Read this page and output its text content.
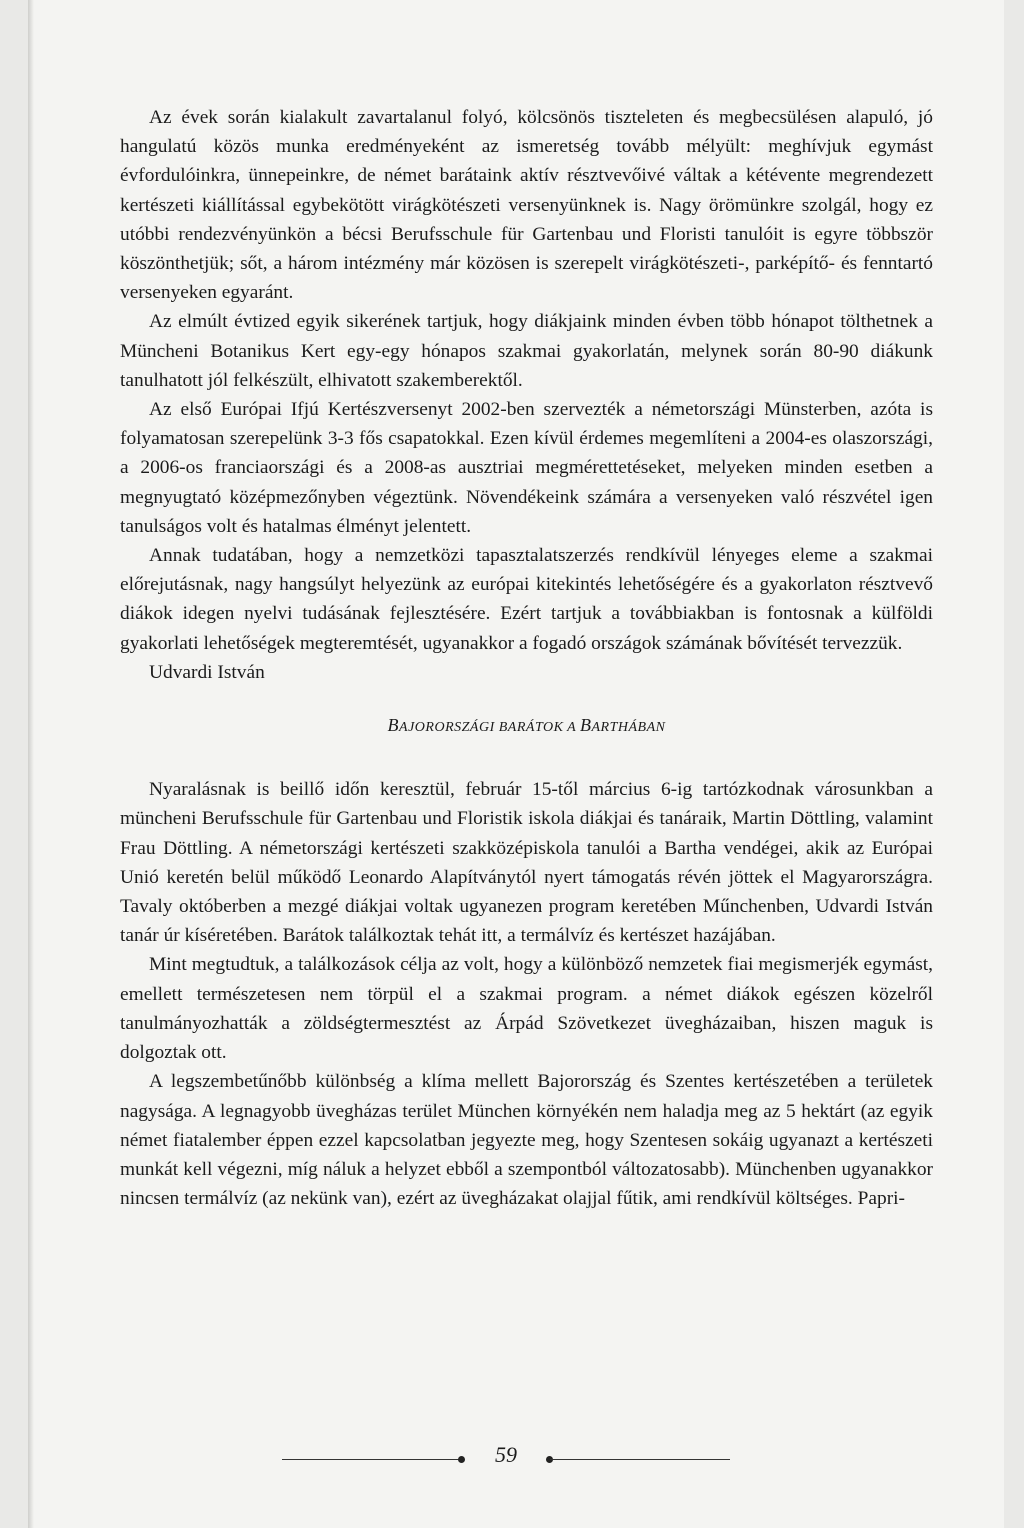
Az évek során kialakult zavartalanul folyó, kölcsönös tiszteleten és megbecsülésen alapuló, jó hangulatú közös munka eredményeként az ismeretség tovább mélyült: meghívjuk egymást évfordulóinkra, ünnepeinkre, de német barátaink aktív résztvevőivé váltak a kétévente megrendezett kertészeti kiállítással egybekötött virágkötészeti versenyünknek is. Nagy örömünkre szolgál, hogy ez utóbbi rendezvényünkön a bécsi Berufsschule für Gartenbau und Floristi tanulóit is egyre többször köszönthetjük; sőt, a három intézmény már közösen is szerepelt virágkötészeti-, parképítő- és fenntartó versenyeken egyaránt.

Az elmúlt évtized egyik sikerének tartjuk, hogy diákjaink minden évben több hónapot tölthetnek a Müncheni Botanikus Kert egy-egy hónapos szakmai gyakorlatán, melynek során 80-90 diákunk tanulhatott jól felkészült, elhivatott szakemberektől.

Az első Európai Ifjú Kertészversenyt 2002-ben szervezték a németországi Münsterben, azóta is folyamatosan szerepelünk 3-3 fős csapatokkal. Ezen kívül érdemes megemlíteni a 2004-es olaszországi, a 2006-os franciaországi és a 2008-as ausztriai megmérettetéseket, melyeken minden esetben a megnyugtató középmezőnyben végeztünk. Növendékeink számára a versenyeken való részvétel igen tanulságos volt és hatalmas élményt jelentett.

Annak tudatában, hogy a nemzetközi tapasztalatszerzés rendkívül lényeges eleme a szakmai előrejutásnak, nagy hangsúlyt helyezünk az európai kitekintés lehetőségére és a gyakorlaton résztvevő diákok idegen nyelvi tudásának fejlesztésére. Ezért tartjuk a továbbiakban is fontosnak a külföldi gyakorlati lehetőségek megteremtését, ugyanakkor a fogadó országok számának bővítését tervezzük.

Udvardi István

BAJORORSZÁGI BARÁTOK A BARTHÁBAN

Nyaralásnak is beillő időn keresztül, február 15-től március 6-ig tartózkodnak városunkban a müncheni Berufsschule für Gartenbau und Floristik iskola diákjai és tanáraik, Martin Döttling, valamint Frau Döttling. A németországi kertészeti szakközépiskola tanulói a Bartha vendégei, akik az Európai Unió keretén belül működő Leonardo Alapítványtól nyert támogatás révén jöttek el Magyarországra. Tavaly októberben a mezgé diákjai voltak ugyanezen program keretében Műnchenben, Udvardi István tanár úr kíséretében. Barátok találkoztak tehát itt, a termálvíz és kertészet hazájában.

Mint megtudtuk, a találkozások célja az volt, hogy a különböző nemzetek fiai megismerjék egymást, emellett természetesen nem törpül el a szakmai program. a német diákok egészen közelről tanulmányozhatták a zöldségtermesztést az Árpád Szövetkezet üvegházaiban, hiszen maguk is dolgoztak ott.

A legszembetűnőbb különbség a klíma mellett Bajorország és Szentes kertészetében a területek nagysága. A legnagyobb üvegházas terület München környékén nem haladja meg az 5 hektárt (az egyik német fiatalember éppen ezzel kapcsolatban jegyezte meg, hogy Szentesen sokáig ugyanazt a kertészeti munkát kell végezni, míg náluk a helyzet ebből a szempontból változatosabb). Münchenben ugyanakkor nincsen termálvíz (az nekünk van), ezért az üvegházakat olajjal fűtik, ami rendkívül költséges. Papri-

59
